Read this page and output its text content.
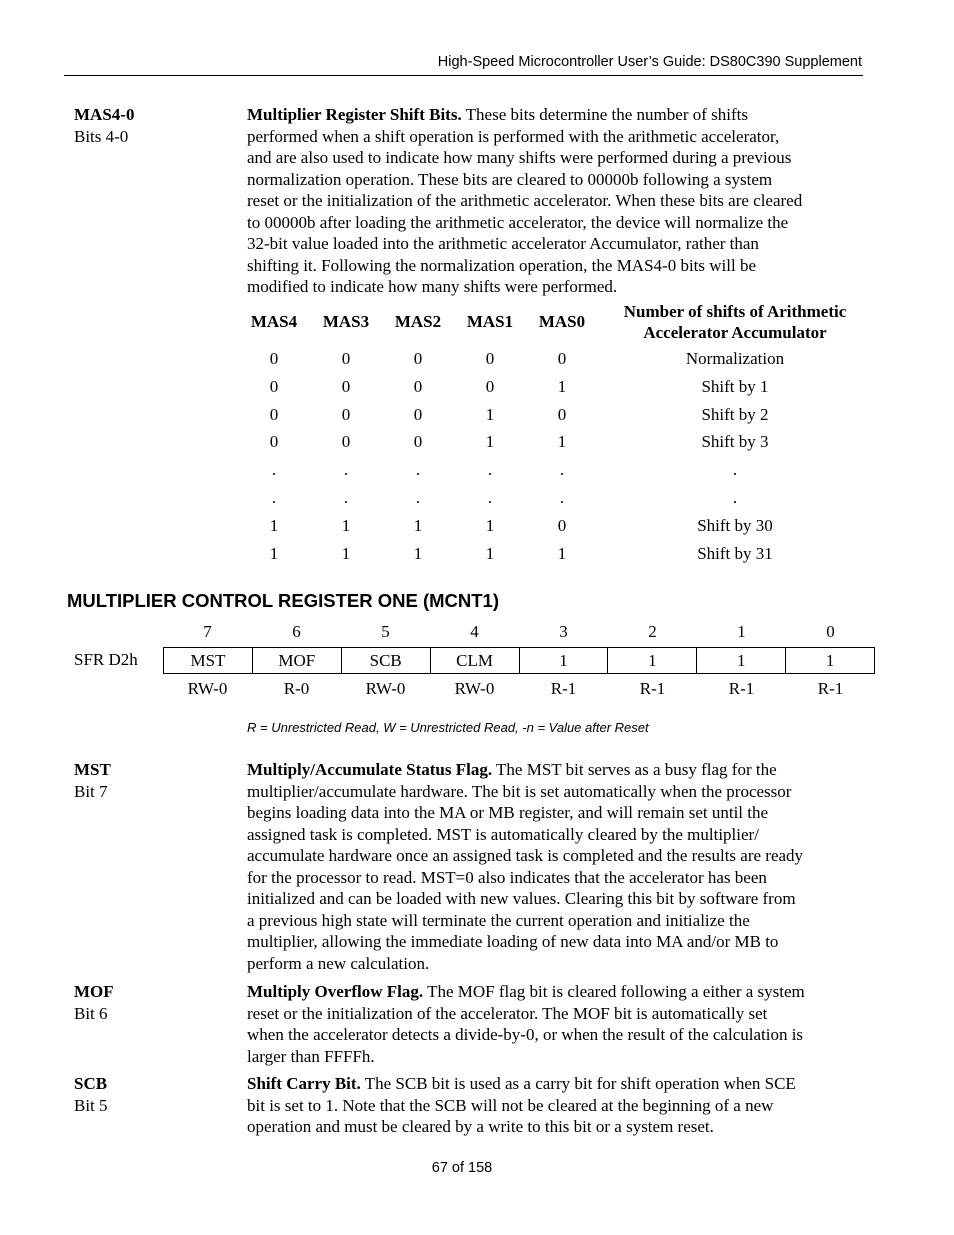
High-Speed Microcontroller User’s Guide: DS80C390 Supplement
MAS4-0
Bits 4-0
Multiplier Register Shift Bits. These bits determine the number of shifts
performed when a shift operation is performed with the arithmetic accelerator,
and are also used to indicate how many shifts were performed during a previous
normalization operation. These bits are cleared to 00000b following a system
reset or the initialization of the arithmetic accelerator. When these bits are cleared
to 00000b after loading the arithmetic accelerator, the device will normalize the
32-bit value loaded into the arithmetic accelerator Accumulator, rather than
shifting it. Following the normalization operation, the MAS4-0 bits will be
modified to indicate how many shifts were performed.
MAS4	MAS3	MAS2	MAS1	MAS0	Number of shifts of Arithmetic Accelerator Accumulator
0	0	0	0	0	Normalization
0	0	0	0	1	Shift by 1
0	0	0	1	0	Shift by 2
0	0	0	1	1	Shift by 3
.	.	.	.	.	.
.	.	.	.	.	.
1	1	1	1	0	Shift by 30
1	1	1	1	1	Shift by 31
MULTIPLIER CONTROL REGISTER ONE (MCNT1)
7	6	5	4	3	2	1	0
SFR D2h	MST	MOF	SCB	CLM	1	1	1	1
RW-0	R-0	RW-0	RW-0	R-1	R-1	R-1	R-1
R = Unrestricted Read, W = Unrestricted Read, -n = Value after Reset
MST
Bit 7
Multiply/Accumulate Status Flag. The MST bit serves as a busy flag for the
multiplier/accumulate hardware. The bit is set automatically when the processor
begins loading data into the MA or MB register, and will remain set until the
assigned task is completed. MST is automatically cleared by the multiplier/
accumulate hardware once an assigned task is completed and the results are ready
for the processor to read. MST=0 also indicates that the accelerator has been
initialized and can be loaded with new values. Clearing this bit by software from
a previous high state will terminate the current operation and initialize the
multiplier, allowing the immediate loading of new data into MA and/or MB to
perform a new calculation.
MOF
Bit 6
Multiply Overflow Flag. The MOF flag bit is cleared following a either a system
reset or the initialization of the accelerator. The MOF bit is automatically set
when the accelerator detects a divide-by-0, or when the result of the calculation is
larger than FFFFh.
SCB
Bit 5
Shift Carry Bit. The SCB bit is used as a carry bit for shift operation when SCE
bit is set to 1. Note that the SCB will not be cleared at the beginning of a new
operation and must be cleared by a write to this bit or a system reset.
67 of 158
